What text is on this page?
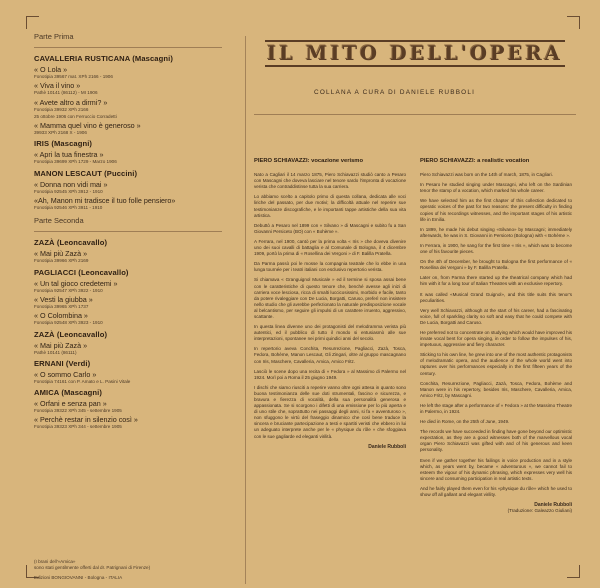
Parte Prima
CAVALLERIA RUSTICANA (Mascagni)
« O Lola »
Fonotipia 39567 mat. XPh 2166 - 1906
« Viva il vino »
Pathè 10141 (86112) - MI 1906
« Avete altro a dirmi? »
Fonotipia 39932 XPh 2166
25 ottobre 1906 con Ferruccio Corradetti
« Mamma quel vino è generoso »
39933 XPh 2168 X - 1906
IRIS (Mascagni)
« Apri la tua finestra »
Fonotipia 39699 XPh 1729 - Marzo 1906
MANON LESCAUT (Puccini)
« Donna non vidi mai »
Fonotipia 92545 XPh 3912 - 1910
«Ah, Manon mi tradisce il tuo folle pensiero»
Fonotipia 92546 XPh 3911 - 1910
Parte Seconda
ZAZÀ (Leoncavallo)
« Mai più Zazà »
Fonotipia 39966 XPh 2169
PAGLIACCI (Leoncavallo)
« Un tal gioco credetemi »
Fonotipia 92547 XPh 3922 - 1910
« Vesti la giubba »
Fonotipia 39965 XPh 1737
« O Colombina »
Fonotipia 92548 XPh 3923 - 1910
ZAZÀ (Leoncavallo)
« Mai più Zazà »
Pathè 10141 (86111)
ERNANI (Verdi)
« O sommo Carlo »
Fonotipia 74161 con P. Amato e L. Pasini Vitale
AMICA (Mascagni)
« Orfani e senza pan »
Fonotipia 39322 XPh 345 - settembre 1905
« Perchè restar in silenzio così »
Fonotipia 39323 XPh 344 - settembre 1905
(I brani dell'«Amica»
sono stati gentilmente offerti dal dr. Patrignani di Firenze)
Edizioni BONGIOVANNI - Bologna - ITALIA
IL MITO DELL'OPERA
COLLANA A CURA DI DANIELE RUBBOLI
PIERO SCHIAVAZZI: vocazione verismo

Nato a Cagliari il 14 marzo 1875, Piero Schiavazzi studiò canto a Pesaro con Mascagni che doveva lasciare nel tenore sardo l'impronta di vocazione verista che contraddistinse tutta la sua carriera.

Lo abbiamo scelto a capitolo primo di questa collana, dedicata alle voci liriche del passato, per due motivi; la difficoltà attuale nel reperire sue testimonianze discografiche, e le importanti tappe artistiche della sua vita artistica.

Debuttò a Pesaro nel 1899 con « Silvano » di Mascagni e subito fu a San Giovanni Persiceto (BO) con « Bohème ».

A Ferrara, nel 1900, cantò per la prima volta « Iris » che doveva divenire uno dei suoi cavalli di battaglia e al Comunale di Bologna, il 4 dicembre 1909, portò la prima di « Rosellina dei Vergoni » di F. Balilla Pratella.

Da Parma passò poi le mosse la compagnia teatrale che lo ebbe in una lunga tournée per i teatri italiani con esclusivo repertorio verista.

Si chiamava « Granguignol Musicale » ed il termine si sposa assai bene con le caratteristiche di questo tenore che, benché avesse agli inizi di carriera voce lesciosa, ricca di smalti luccicosissimi, morbido e facile, tanto da potere rivaleggiare con De Lucia, Borgatti, Caruso, preferì non insistere nello studio che gli avrebbe perfezionato la naturale predisposizione vocale al belcantismo, per seguire gli impulsi di un carattere irruento, aggressivo, scattante.

In questa linea divenne uno dei protagonisti del melodramma verista più autentici, ed il pubblico di tutto il mondo si entusiasmò alle sue interpretazioni, spontanee nei primi quindici anni del secolo.

In repertorio aveva Conchita, Resurrezione, Pagliacci, Zazà, Tosca, Fedora, Bohème, Manon Lescaut, Gli Zingari, oltre al gruppo mascagnano con Iris, Maschere, Cavalleria, Amica, Amico Fritz.

Lasciò le scene dopo una recita di « Fedora » al Massimo di Palermo nel 1924. Morì poi a Roma il 25 giugno 1949.

I dischi che siamo riusciti a reperire vanno oltre ogni attesa in quanto sono buona testimonianza delle sue doti strumentali, fascino e sicurezza, e bravura e fierezza di vocalità, della sua personalità generosa e appassionata. Se si scorgono i difetti di una emissione per lo più aperta e di uno stile che, soprattutto nei passaggi degli anni, si fa « avventuroso », non sfuggono le virtù del fraseggio dinamico che così bene traduce la sincera e bruciante partecipazione a testi e spartiti veristi che ebbero in lui un adeguato interprete anche per le « physique du rôle » che sfoggiava con le sue gagliarde ed eleganti virilità.

Daniele Rubboli
PIERO SCHIAVAZZI: a realistic vocation

Piero Schiavazzi was born on the 14th of march, 1875, in Cagliari.

In Pesaro he studied singing under Mascagni, who left on the Sardinian tenor the stamp of a vocation, which marked his whole career.

We have selected him as the first chapter of this collection dedicated to operatic voices of the past for two reasons: the present difficulty in finding copies of his recordings witnesses, and the important stages of his artistic life in Emilia.

In 1899, he made his debut singing «Silvano» by Mascagni; immediately afterwards, he was in S. Giovanni in Persiceto (Bologna) with « Bohème ».

In Ferrara, in 1900, he sang for the first time « Iris », which was to become one of his favourite pieces.

On the 4th of December, he brought to Bologna the first performance of « Rosellina dei Vergoni » by F. Balilla Pratella.

Later on, from Parma there started up the theatrical company which had him with it for a long tour of Italian Theatres with an exclusive repertory.

It was called «Musical Grand Guignol», and this title suits this tenor's peculiarities.

Very well Schiavazzi, although at the start of his career, had a fascinating voice, full of sparkling clarity so soft and easy that he could compete with De Lucia, Borgatti and Caruso.

He preferred not to concentrate on studying which would have improved his innate vocal bent for opera singing, in order to follow the impulses of his, impetuous, aggressive and fiery character.

Sticking to his own line, he grew into one of the most authentic protagonists of melodramatic opera, and the audience of the whole world went into raptures over his performances especially in the first fifteen years of the century.

Conchita, Resurrezione, Pagliacci, Zazà, Tosca, Fedora, Bohème and Manon were in his repertory, besides Iris, Maschere, Cavalleria, Amica, Amico Fritz, by Mascagni.

He left the stage after a performance of « Fedora » at the Massimo Theatre in Palermo, in 1924.

He died in Rome, on the 25th of June, 1949.

The records we have succeeded in finding have gone beyond our optimistic expectation, as they are a good witnesses both of the marvellous vocal organ Piero Schiavazzi was gifted with and of his generous and keen personality.

Even if we gather together his failings in voice production and in a style which, as years went by, became « adventurous », we cannot fail to esteem the vigour of his dynamic phrasing, which expresses very well his sincere and consuming participation in real artistic texts.

And he fairly played them even for his «physique du rôle» which he used to show off all gallant and elegant virility.

Daniele Rubboli
(Traduzione: Galeazzo Giuliani)
